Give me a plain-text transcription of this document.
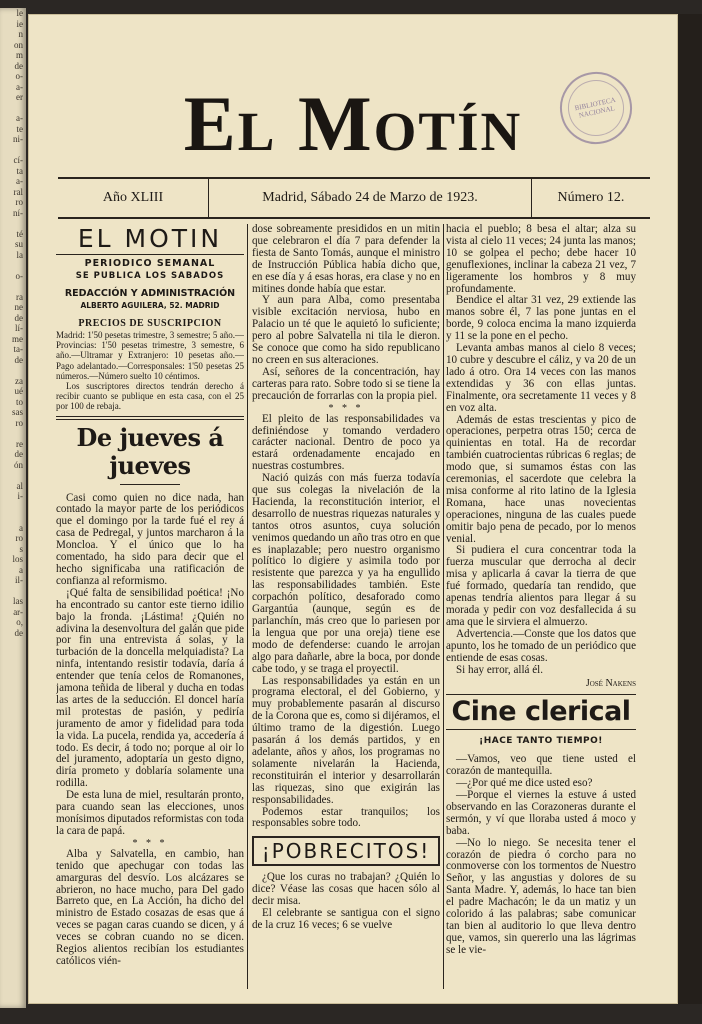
le
ie
n
on
m
de
o-
a-
er

a-
te
ni-

cí-
ta
a-
ral
ro
ní-

té
su
la

o-

ra
ne
de
lí-
me
ta-
de

za
ué
to
sas
ro

re
de
ón

al
i-

a
ro
s
los
a
il-

las
ar-
o,
de
El Motín	BIBLIOTECA NACIONAL
Año XLIII	Madrid, Sábado 24 de Marzo de 1923.	Número 12.
EL MOTIN
PERIODICO SEMANAL
SE PUBLICA LOS SABADOS
REDACCIÓN Y ADMINISTRACIÓN
ALBERTO AGUILERA, 52. MADRID
PRECIOS DE SUSCRIPCION
Madrid: 1'50 pesetas trimestre, 3 semestre; 5 año.—Provincias: 1'50 pesetas trimestre, 3 semestre, 6 año.—Ultramar y Extranjero: 10 pesetas año.—Pago adelantado.—Corresponsales: 1'50 pesetas 25 números.—Número suelto 10 céntimos.
Los suscriptores directos tendrán derecho á recibir cuanto se publique en esta casa, con el 25 por 100 de rebaja.
De jueves á jueves

Casi como quien no dice nada, han contado la mayor parte de los periódicos que el domingo por la tarde fué el rey á casa de Pedregal, y juntos marcharon á la Moncloa. Y el único que lo ha comentado, ha sido para decir que el hecho significaba una ratificación de confianza al reformismo.

¡Qué falta de sensibilidad poética! ¡No ha encontrado su cantor este tierno idilio bajo la fronda. ¡Lástima! ¿Quién no adivina la desenvoltura del galán que pide por fin una entrevista á solas, y la turbación de la doncella melquiadista? La ninfa, intentando resistir todavía, daría á entender que tenía celos de Romanones, jamona teñida de liberal y ducha en todas las artes de la seducción. El doncel haría mil protestas de pasión, y pediría juramento de amor y fidelidad para toda la vida. La pucela, rendida ya, accedería á todo. Es decir, á todo no; porque al oir lo del juramento, adoptaría un gesto digno, diría prometo y doblaría solamente una rodilla.

De esta luna de miel, resultarán pronto, para cuando sean las elecciones, unos monísimos diputados reformistas con toda la cara de papá.

* * *

Alba y Salvatella, en cambio, han tenido que apechugar con todas las amarguras del desvío. Los alcázares se abrieron, no hace mucho, para Del gado Barreto que, en La Acción, ha dicho del ministro de Estado cosazas de esas que á veces se pagan caras cuando se dicen, y á veces se cobran cuando no se dicen. Regios alientos recibían los estudiantes católicos vién-

dose sobreamente presididos en un mitin que celebraron el día 7 para defender la fiesta de Santo Tomás, aunque el ministro de Instrucción Pública había dicho que, en ese día y á esas horas, era clase y no en mitines donde había que estar.

Y aun para Alba, como presentaba visible excitación nerviosa, hubo en Palacio un té que le aquietó lo suficiente; pero al pobre Salvatella ni tila le dieron. Se conoce que como ha sido republicano no creen en sus alteraciones.

Así, señores de la concentración, hay carteras para rato. Sobre todo si se tiene la precaución de forrarlas con la propia piel.

* * *

El pleito de las responsabilidades va definiéndose y tomando verdadero carácter nacional. Dentro de poco ya estará ordenadamente encajado en nuestras costumbres.

Nació quizás con más fuerza todavía que sus colegas la nivelación de la Hacienda, la reconstitución interior, el desarrollo de nuestras riquezas naturales y tantos otros asuntos, cuya solución venimos quedando un año tras otro en que es inaplazable; pero nuestro organismo político lo digiere y asimila todo por resistente que parezca y ya ha engullido las responsabilidades también. Este corpachón político, desaforado como Gargantúa (aunque, según es de parlanchín, más creo que lo pariesen por la lengua que por una oreja) tiene ese modo de defenderse: cuando le arrojan algo para dañarle, abre la boca, por donde cabe todo, y se traga el proyectil.

Las responsabilidades ya están en un programa electoral, el del Gobierno, y muy probablemente pasarán al discurso de la Corona que es, como si dijéramos, el último tramo de la digestión. Luego pasarán á los demás partidos, y en adelante, años y años, los programas no solamente nivelarán la Hacienda, reconstituirán el interior y desarrollarán las riquezas, sino que exigirán las responsabilidades.

Podemos estar tranquilos; los responsables sobre todo.

¡POBRECITOS!

¿Que los curas no trabajan? ¿Quién lo dice? Véase las cosas que hacen sólo al decir misa.

El celebrante se santigua con el signo de la cruz 16 veces; 6 se vuelve

hacia el pueblo; 8 besa el altar; alza su vista al cielo 11 veces; 24 junta las manos; 10 se golpea el pecho; debe hacer 10 genuflexiones, inclinar la cabeza 21 vez, 7 ligeramente los hombros y 8 muy profundamente.

Bendice el altar 31 vez, 29 extiende las manos sobre él, 7 las pone juntas en el borde, 9 coloca encima la mano izquierda y 11 se la pone en el pecho.

Levanta ambas manos al cielo 8 veces; 10 cubre y descubre el cáliz, y va 20 de un lado á otro. Ora 14 veces con las manos extendidas y 36 con ellas juntas. Finalmente, ora secretamente 11 veces y 8 en voz alta.

Además de estas trescientas y pico de operaciones, perpetra otras 150; cerca de quinientas en total. Ha de recordar también cuatrocientas rúbricas 6 reglas; de modo que, si sumamos éstas con las ceremonias, el sacerdote que celebra la misa conforme al rito latino de la Iglesia Romana, hace unas novecientas operaciones, ninguna de las cuales puede omitir bajo pena de pecado, por lo menos venial.

Si pudiera el cura concentrar toda la fuerza muscular que derrocha al decir misa y aplicarla á cavar la tierra de que fué formado, quedaría tan rendido, que apenas tendría alientos para llegar á su morada y pedir con voz desfallecida á su ama que le sirviera el almuerzo.

Advertencia.—Conste que los datos que apunto, los he tomado de un periódico que entiende de esas cosas.

Si hay error, allá él.

José Nakens
Cine clerical
¡HACE TANTO TIEMPO!

—Vamos, veo que tiene usted el corazón de mantequilla.

—¿Por qué me dice usted eso?

—Porque el viernes la estuve á usted observando en las Corazoneras durante el sermón, y ví que lloraba usted á moco y baba.

—No lo niego. Se necesita tener el corazón de piedra ó corcho para no conmoverse con los tormentos de Nuestro Señor, y las angustias y dolores de su Santa Madre. Y, además, lo hace tan bien el padre Machacón; le da un matiz y un colorido á las palabras; sabe comunicar tan bien al auditorio lo que lleva dentro que, vamos, sin quererlo una las lágrimas se le vie-
